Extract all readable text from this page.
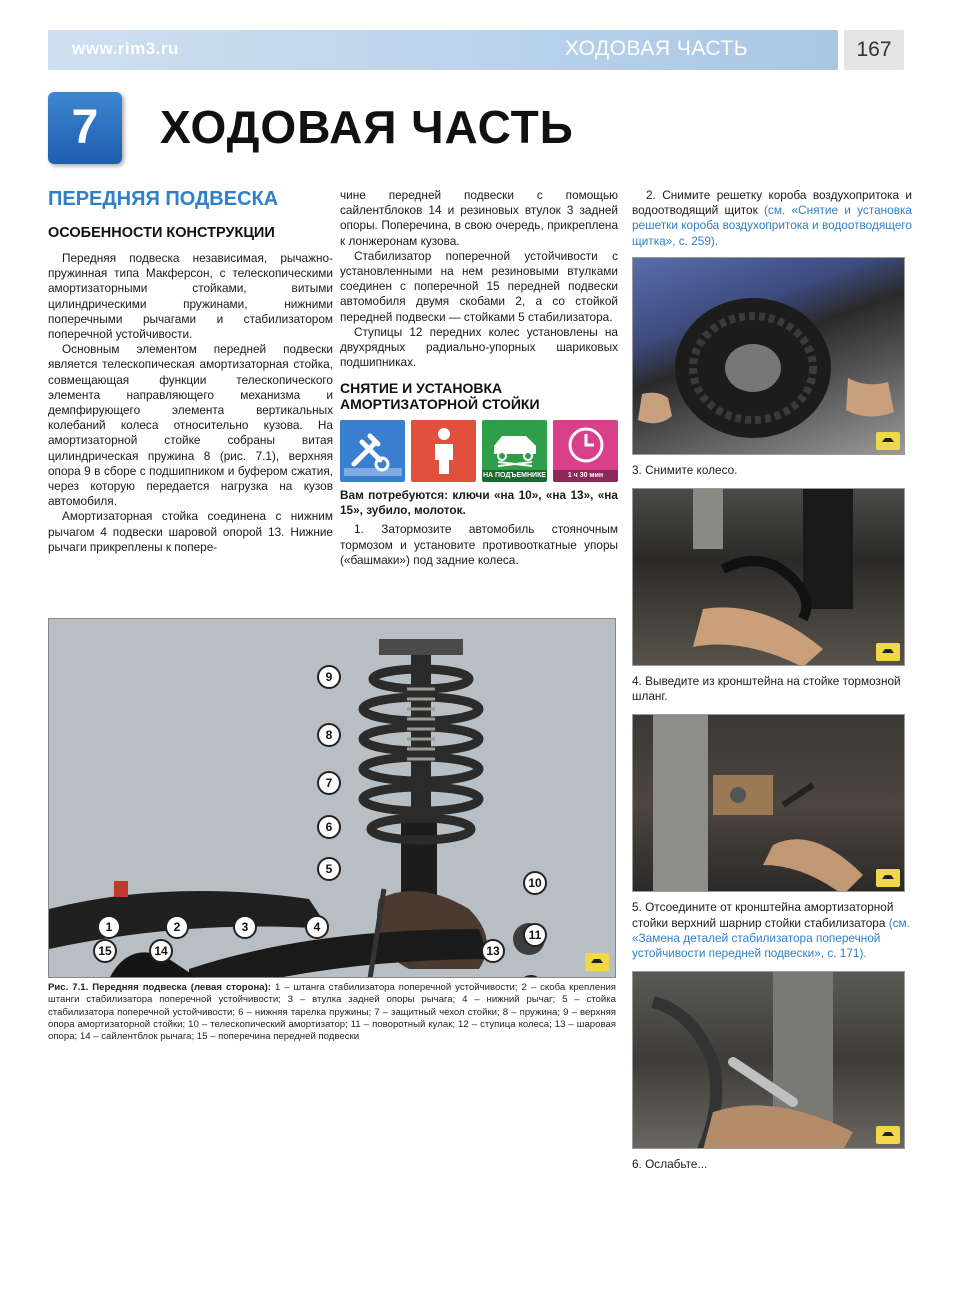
www.rim3.ru	ХОДОВАЯ ЧАСТЬ	167
7	ХОДОВАЯ ЧАСТЬ
ПЕРЕДНЯЯ ПОДВЕСКА
ОСОБЕННОСТИ КОНСТРУКЦИИ

Передняя подвеска независимая, рычажно-пружинная типа Макферсон, с телескопическими амортизаторными стойками, витыми цилиндрическими пружинами, нижними поперечными рычагами и стабилизатором поперечной устойчивости.

Основным элементом передней подвески является телескопическая амортизаторная стойка, совмещающая функции телескопического элемента направляющего механизма и демпфирующего элемента вертикальных колебаний колеса относительно кузова. На амортизаторной стойке собраны витая цилиндрическая пружина 8 (рис. 7.1), верхняя опора 9 в сборе с подшипником и буфером сжатия, через которую передается нагрузка на кузов автомобиля.

Амортизаторная стойка соединена с нижним рычагом 4 подвески шаровой опорой 13. Нижние рычаги прикреплены к попере-

чине передней подвески с помощью сайлентблоков 14 и резиновых втулок 3 задней опоры. Поперечина, в свою очередь, прикреплена к лонжеронам кузова.

Стабилизатор поперечной устойчивости с установленными на нем резиновыми втулками соединен с поперечной 15 передней подвески автомобиля двумя скобами 2, а со стойкой передней подвески — стойками 5 стабилизатора.

Ступицы 12 передних колес установлены на двухрядных радиально-упорных шариковых подшипниках.

СНЯТИЕ И УСТАНОВКА АМОРТИЗАТОРНОЙ СТОЙКИ
НА ПОДЪЕМНИКЕ	1 ч 30 мин

Вам потребуются: ключи «на 10», «на 13», «на 15», зубило, молоток.

1. Затормозите автомобиль стояночным тормозом и установите противооткатные упоры («башмаки») под задние колеса.

2. Снимите решетку короба воздухопритока и водоотводящий щиток (см. «Снятие и установка решетки короба воздухопритока и водоотводящего щитка», с. 259).

3. Снимите колесо.

4. Выведите из кронштейна на стойке тормозной шланг.

5. Отсоедините от кронштейна амортизаторной стойки верхний шарнир стойки стабилизатора (см. «Замена деталей стабилизатора поперечной устойчивости передней подвески», с. 171).

6. Ослабьте...

9
8
7
6
5
10
11
1	2	3	4
13
14
15
Рис. 7.1. Передняя подвеска (левая сторона): 1 – штанга стабилизатора поперечной устойчивости; 2 – скоба крепления штанги стабилизатора поперечной устойчивости; 3 – втулка задней опоры рычага; 4 – нижний рычаг; 5 – стойка стабилизатора поперечной устойчивости; 6 – нижняя тарелка пружины; 7 – защитный чехол стойки; 8 – пружина; 9 – верхняя опора амортизаторной стойки; 10 – телескопический амортизатор; 11 – поворотный кулак; 12 – ступица колеса; 13 – шаровая опора; 14 – сайлентблок рычага; 15 – поперечина передней подвески
